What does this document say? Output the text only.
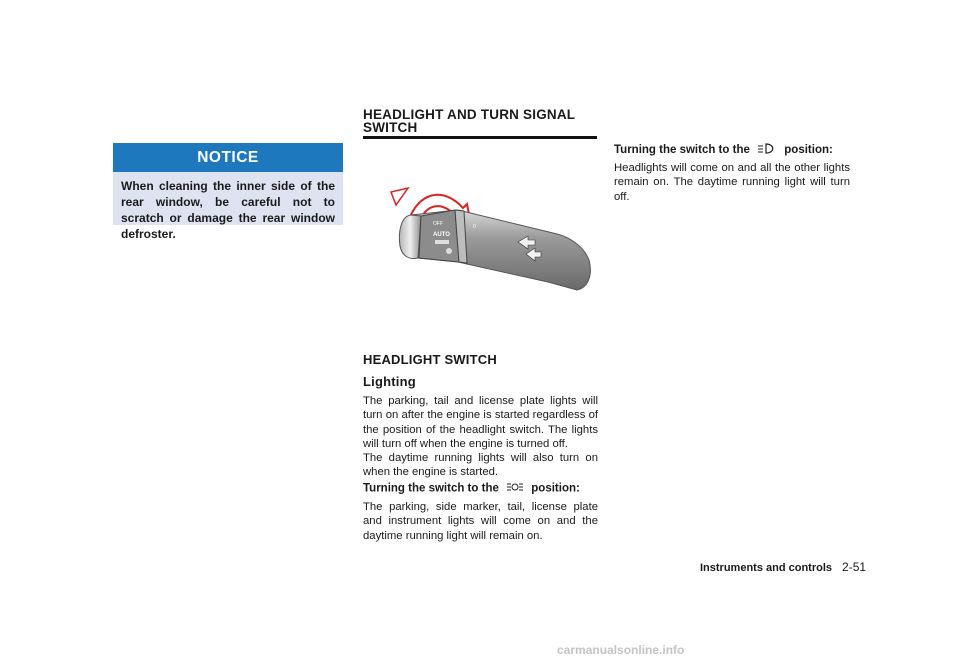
NOTICE
When cleaning the inner side of the rear window, be careful not to scratch or damage the rear window defroster.
HEADLIGHT AND TURN SIGNAL SWITCH
OFF
AUTO
0
HEADLIGHT SWITCH
Lighting
The parking, tail and license plate lights will turn on after the engine is started regardless of the position of the headlight switch. The lights will turn off when the engine is turned off.
The daytime running lights will also turn on when the engine is started.
Turning the switch to the	position:
The parking, side marker, tail, license plate and instrument lights will come on and the daytime running light will remain on.
Turning the switch to the	position:
Headlights will come on and all the other lights remain on. The daytime running light will turn off.
Instruments and controls 2-51
carmanualsonline.info
